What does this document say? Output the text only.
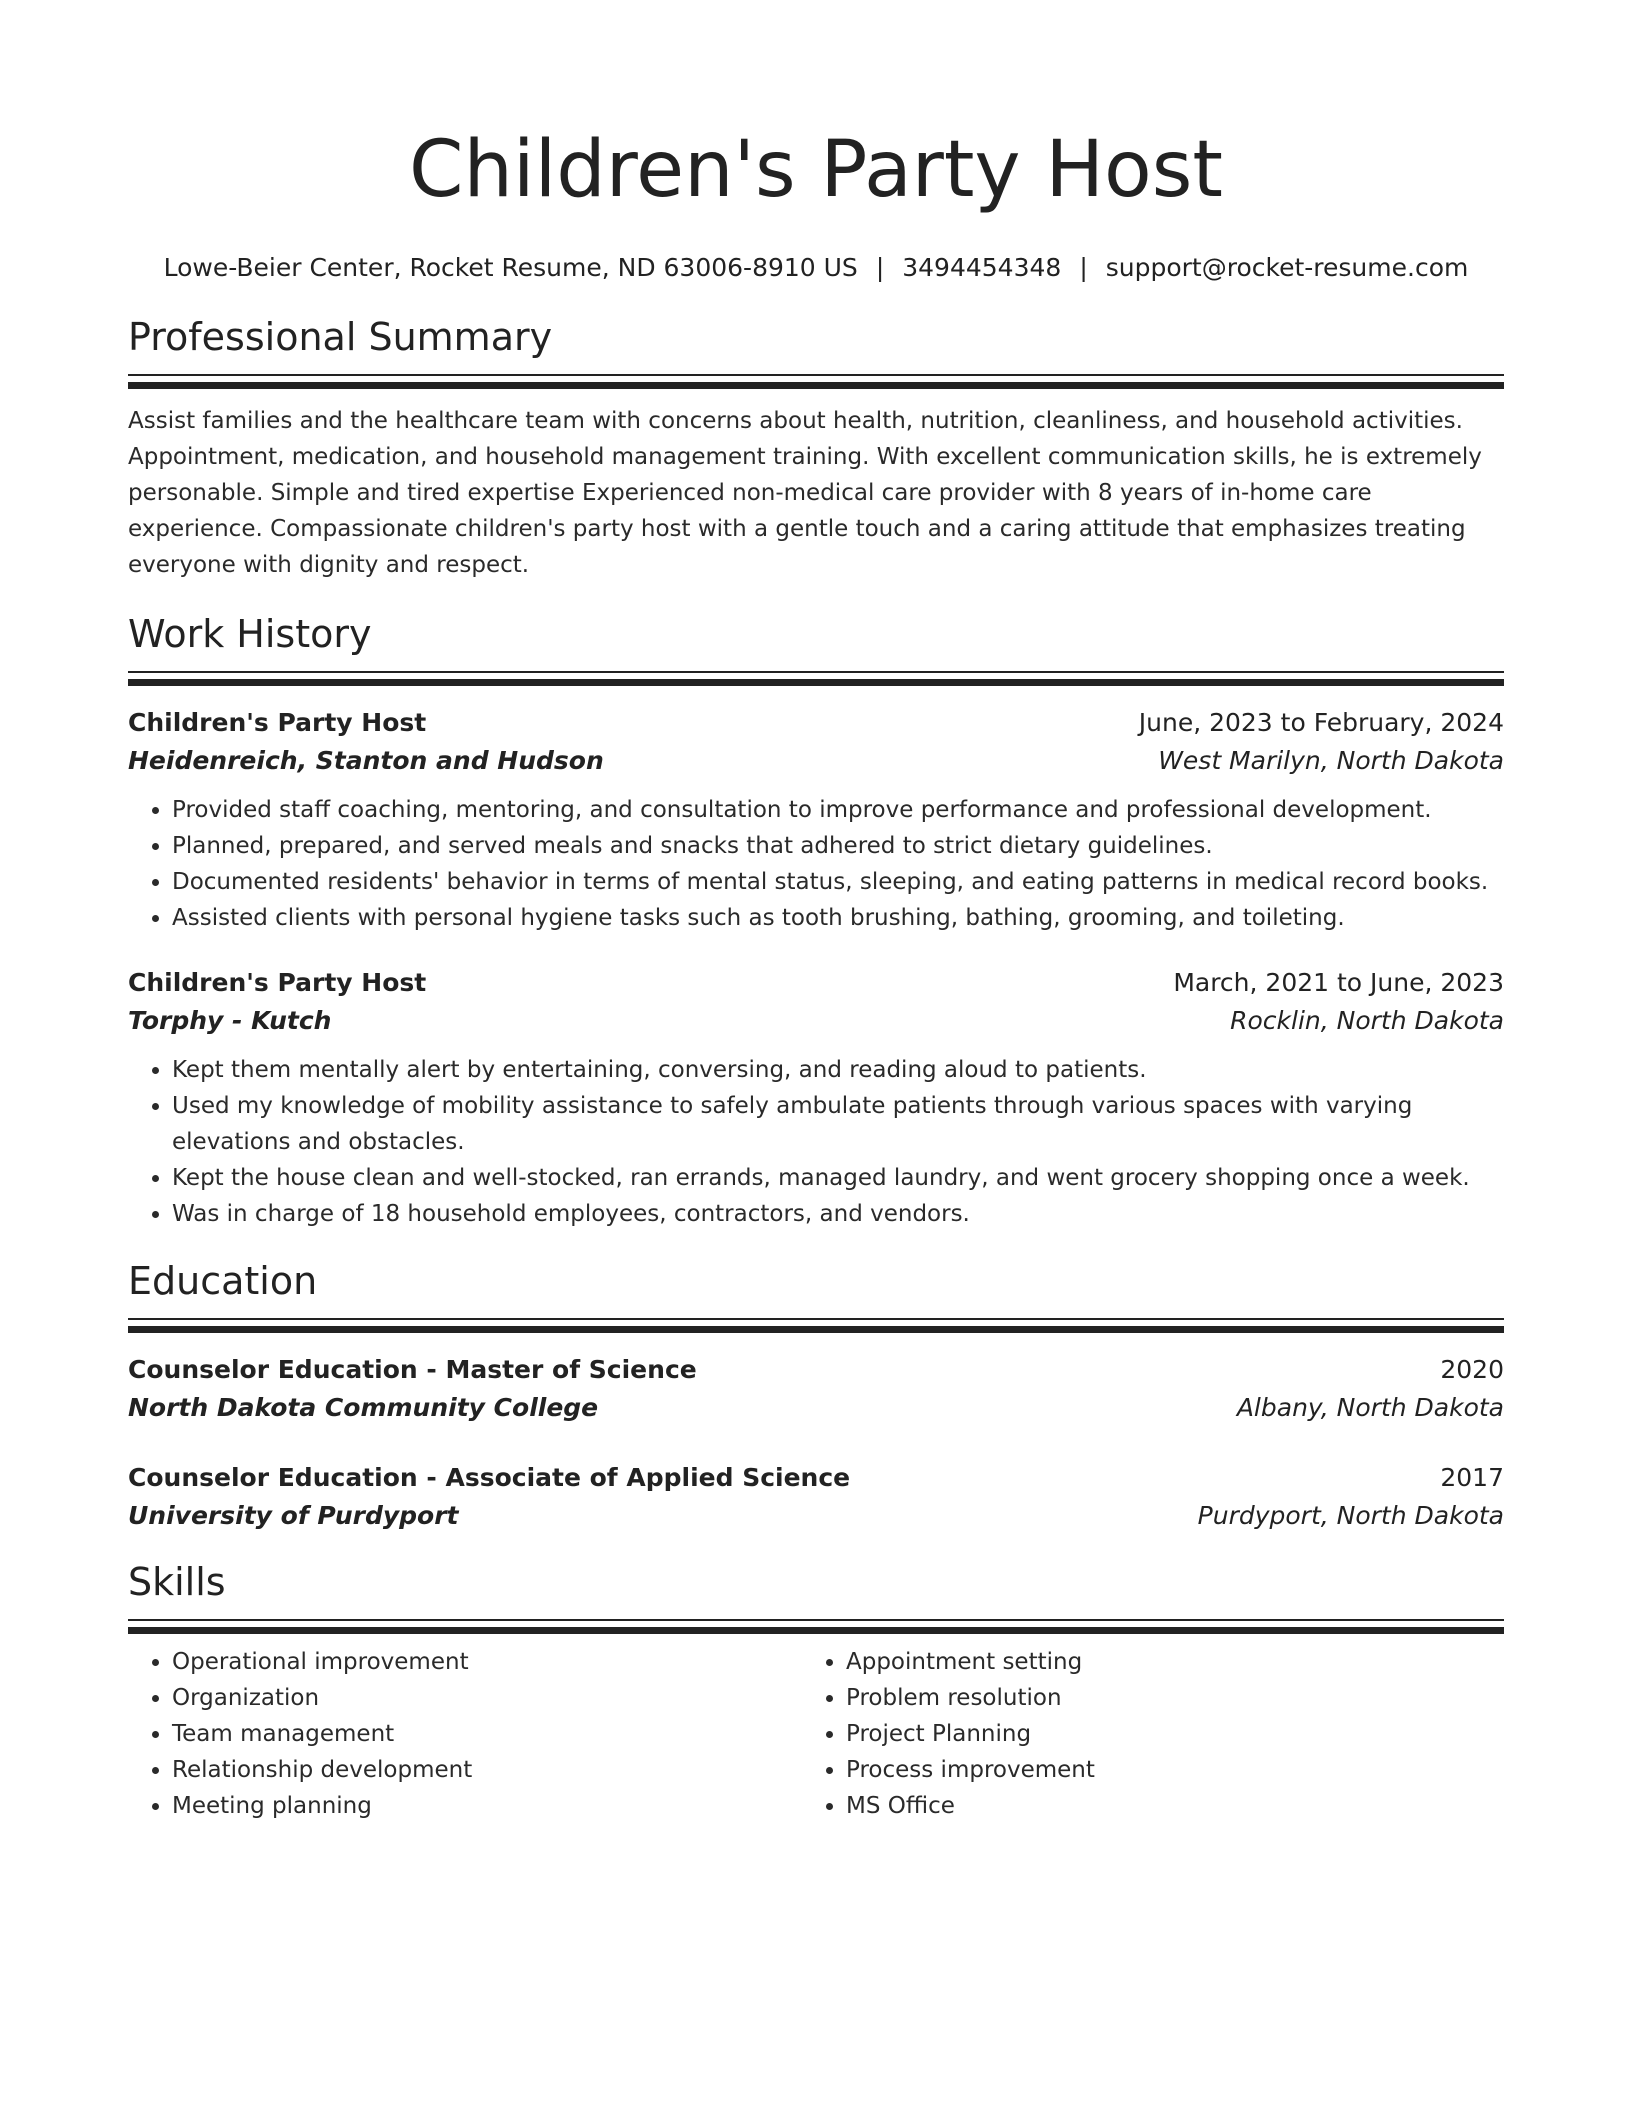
Children's Party Host
Lowe-Beier Center, Rocket Resume, ND 63006-8910 US | 3494454348 | support@rocket-resume.com
Professional Summary

Assist families and the healthcare team with concerns about health, nutrition, cleanliness, and household activities. Appointment, medication, and household management training. With excellent communication skills, he is extremely personable. Simple and tired expertise Experienced non-medical care provider with 8 years of in-home care experience. Compassionate children's party host with a gentle touch and a caring attitude that emphasizes treating everyone with dignity and respect.

Work History
Children's Party Host	June, 2023 to February, 2024
Heidenreich, Stanton and Hudson	West Marilyn, North Dakota
• Provided staff coaching, mentoring, and consultation to improve performance and professional development.
• Planned, prepared, and served meals and snacks that adhered to strict dietary guidelines.
• Documented residents' behavior in terms of mental status, sleeping, and eating patterns in medical record books.
• Assisted clients with personal hygiene tasks such as tooth brushing, bathing, grooming, and toileting.
Children's Party Host	March, 2021 to June, 2023
Torphy - Kutch	Rocklin, North Dakota
• Kept them mentally alert by entertaining, conversing, and reading aloud to patients.
• Used my knowledge of mobility assistance to safely ambulate patients through various spaces with varying elevations and obstacles.
• Kept the house clean and well-stocked, ran errands, managed laundry, and went grocery shopping once a week.
• Was in charge of 18 household employees, contractors, and vendors.
Education
Counselor Education - Master of Science	2020
North Dakota Community College	Albany, North Dakota
Counselor Education - Associate of Applied Science	2017
University of Purdyport	Purdyport, North Dakota
Skills
• Operational improvement
• Organization
• Team management
• Relationship development
• Meeting planning
• Appointment setting
• Problem resolution
• Project Planning
• Process improvement
• MS Office
